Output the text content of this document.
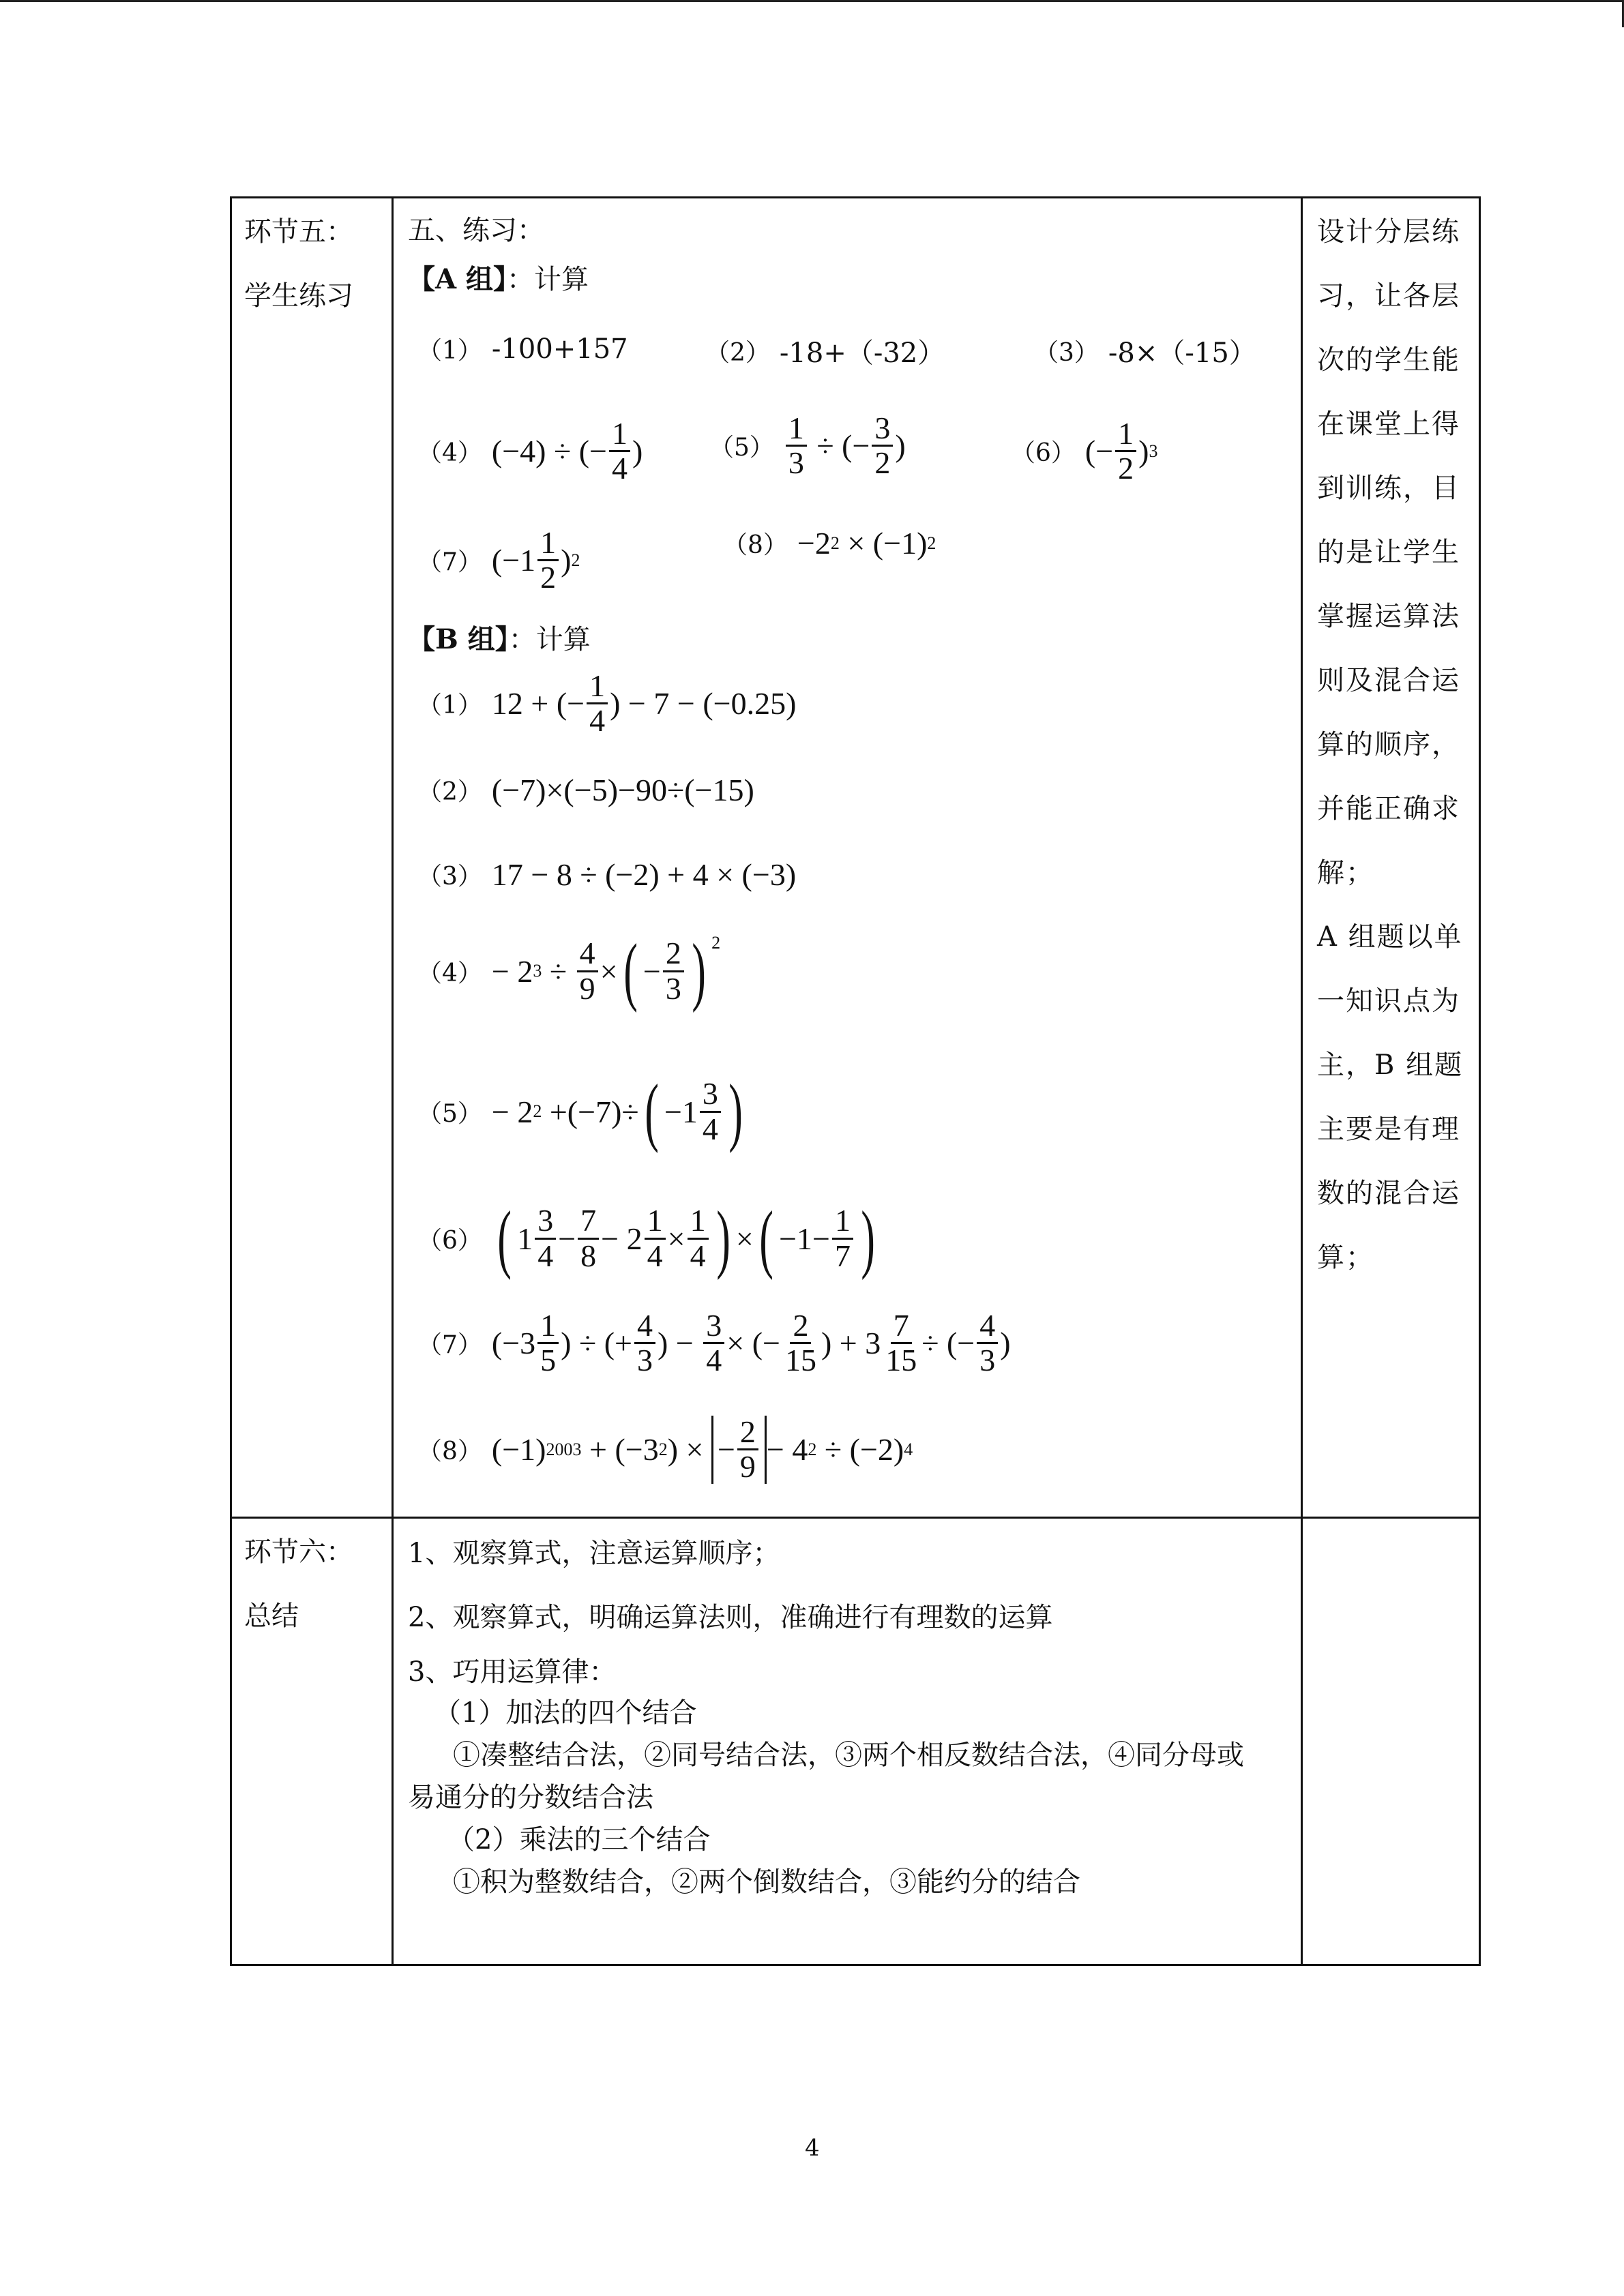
环节五：
学生练习
五、练习：
【A 组】：计算
（1） -100+157	（2） -18+（-32）	（3） -8×（-15）
（4） (−4) ÷ (− $\frac{1}{4}$ )	$(5) \frac{1}{3}$ ÷ (− $\frac{3}{2}$ )	（6） (− $\frac{1}{2}$ ) 3
（7） ($-1 \frac{1}{2}$ ) 2
（8） −2 2 × (−1) 2
【B 组】：计算
（1） 12 + (− $\frac{1}{4}$ ) − 7 − (−0.25)
（2） (−7)×(−5)−90÷(−15)
（3） 17 − 8 ÷ (−2) + 4 × (−3)
（4） − 2 $3 \div \frac{4}{9}$ × ( − $\frac{2}{3}$ ) $^2$
（5） − 2 2 +(−7)÷ ( $-1 \frac{3}{4}$ )
（6） ( $1 \frac{3}{4} - \frac{7}{8} - 2 \frac{1}{4} \times \frac{1}{4}$ ) × ( $-1- \frac{1}{7}$ )
（7） ($-3 \frac{1}{5}$ ) ÷ (+ $\frac{4}{3}$ ) − $\frac{3}{4}$ × (− $\frac{2}{15}$ ) + $3 \frac{7}{15}$ ÷ (− $\frac{4}{3}$ )
（8） (−1) 2003 + (−3 2 ) × − $\frac{2}{9} - 4$ 2 ÷ (−2) 4
设计分层练
习，让各层
次的学生能
在课堂上得
到训练，目
的是让学生
掌握运算法
则及混合运
算的顺序，
并能正确求
解；
A 组题以单
一知识点为
主，B 组题
主要是有理
数的混合运
算；
环节六：
总结
1、观察算式，注意运算顺序；
2、观察算式，明确运算法则，准确进行有理数的运算
3、巧用运算律：
（1）加法的四个结合
①凑整结合法，②同号结合法，③两个相反数结合法，④同分母或
易通分的分数结合法
（2）乘法的三个结合
①积为整数结合，②两个倒数结合，③能约分的结合
4
